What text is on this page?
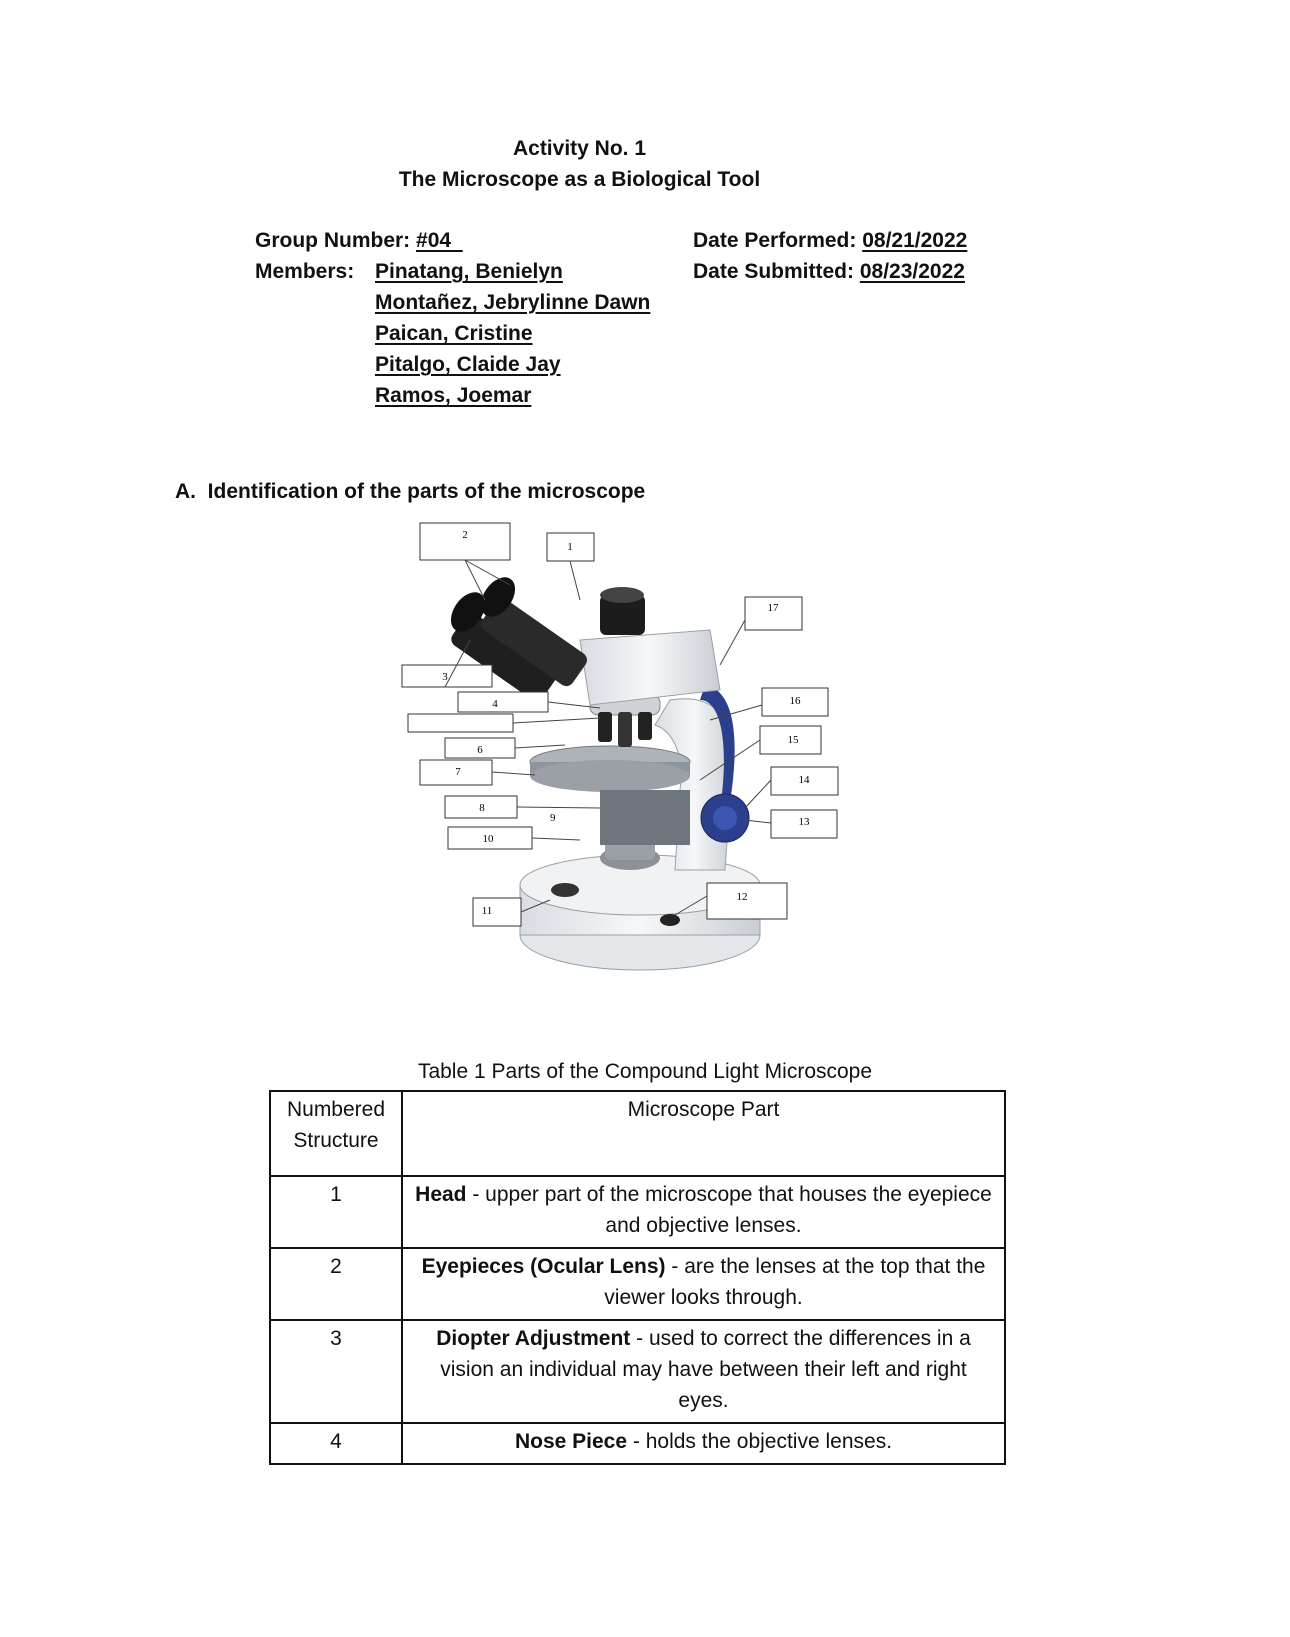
Activity No. 1
The Microscope as a Biological Tool
Group Number: #04
Members: Pinatang, Benielyn
Montañez, Jebrylinne Dawn
Paican, Cristine
Pitalgo, Claide Jay
Ramos, Joemar
Date Performed: 08/21/2022
Date Submitted: 08/23/2022
A.  Identification of the parts of the microscope
2
1
17
3
4	16
15
6
7
14
8
13
9
10
12
11
Table 1 Parts of the Compound Light Microscope
Numbered Structure	Microscope Part
1	Head - upper part of the microscope that houses the eyepiece and objective lenses.
2	Eyepieces (Ocular Lens) - are the lenses at the top that the viewer looks through.
3	Diopter Adjustment - used to correct the differences in a vision an individual may have between their left and right eyes.
4	Nose Piece - holds the objective lenses.
